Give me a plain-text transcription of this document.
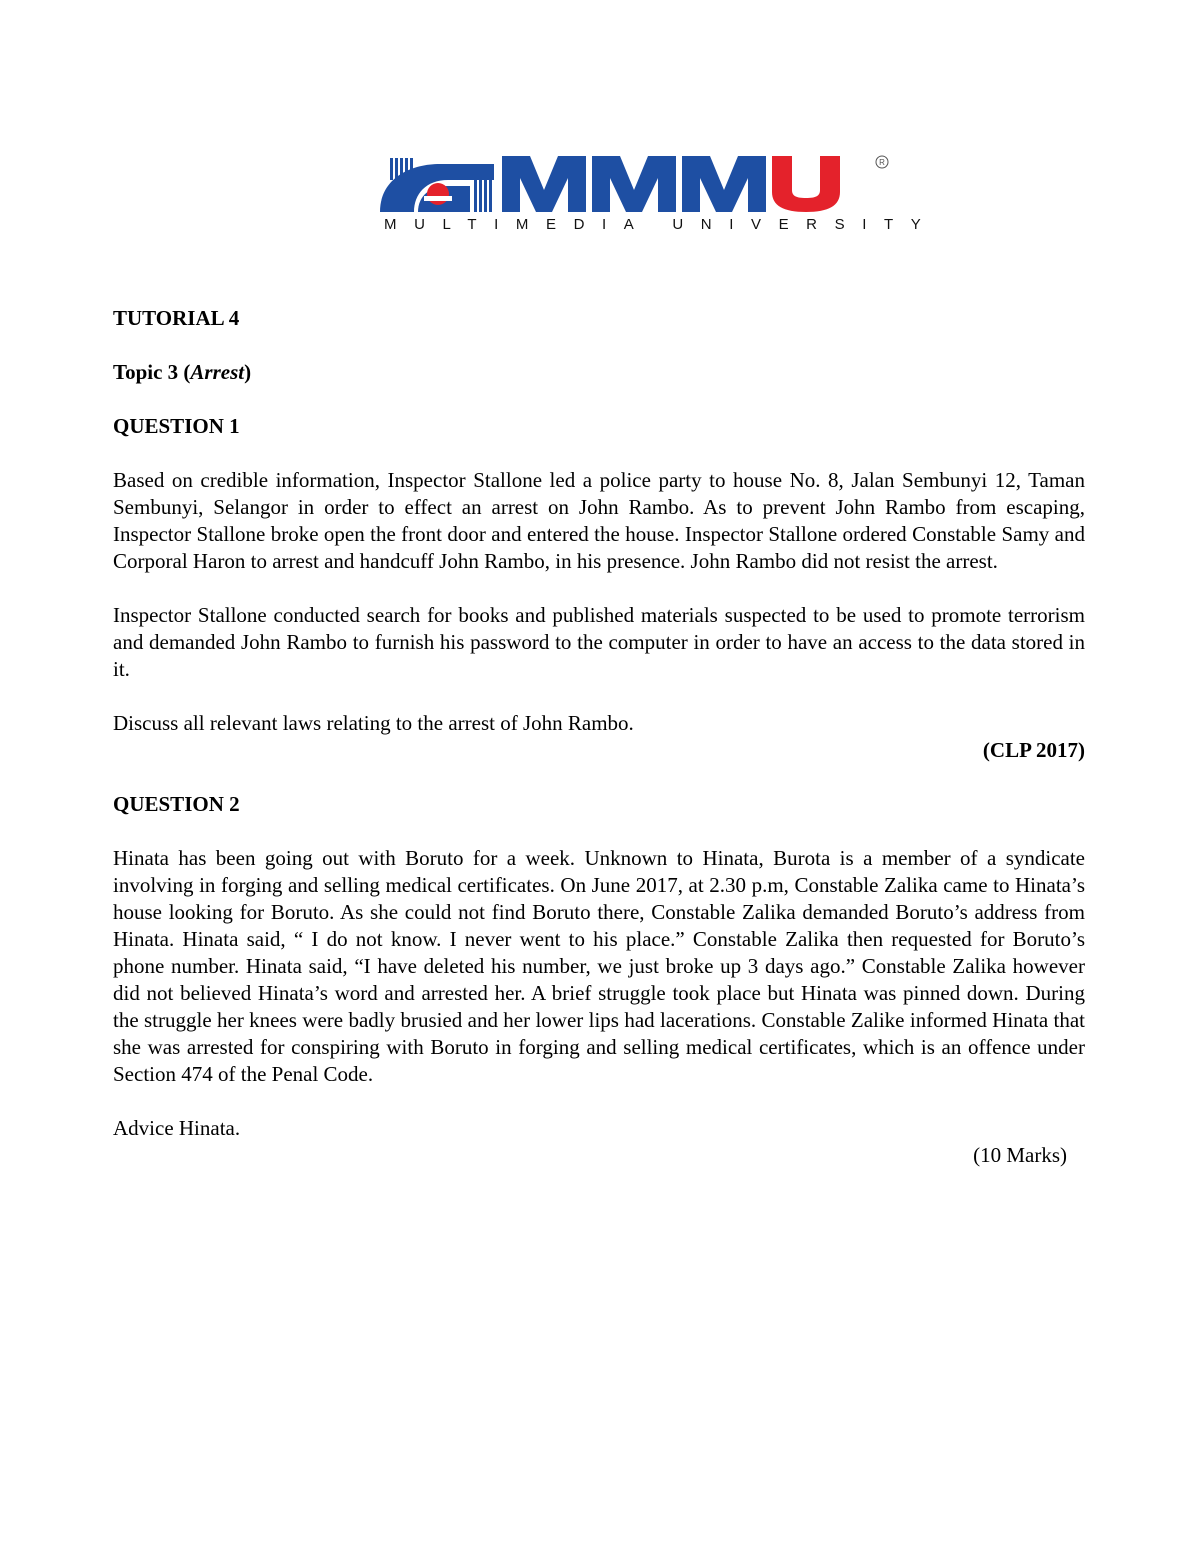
R
MULTIMEDIA UNIVERSITY

TUTORIAL 4

Topic 3 (Arrest)

QUESTION 1

Based on credible information, Inspector Stallone led a police party to house No. 8, Jalan Sembunyi 12, Taman Sembunyi, Selangor in order to effect an arrest on John Rambo. As to prevent John Rambo from escaping, Inspector Stallone broke open the front door and entered the house. Inspector Stallone ordered Constable Samy and Corporal Haron to arrest and handcuff John Rambo, in his presence. John Rambo did not resist the arrest.

Inspector Stallone conducted search for books and published materials suspected to be used to promote terrorism and demanded John Rambo to furnish his password to the computer in order to have an access to the data stored in it.

Discuss all relevant laws relating to the arrest of John Rambo.

(CLP 2017)

QUESTION 2

Hinata has been going out with Boruto for a week. Unknown to Hinata, Burota is a member of a syndicate involving in forging and selling medical certificates. On June 2017, at 2.30 p.m, Constable Zalika came to Hinata’s house looking for Boruto. As she could not find Boruto there, Constable Zalika demanded Boruto’s address from Hinata. Hinata said, “ I do not know. I never went to his place.” Constable Zalika then requested for Boruto’s phone number. Hinata said, “I have deleted his number, we just broke up 3 days ago.” Constable Zalika however did not believed Hinata’s word and arrested her. A brief struggle took place but Hinata was pinned down. During the struggle her knees were badly brusied and her lower lips had lacerations. Constable Zalike informed Hinata that she was arrested for conspiring with Boruto in forging and selling medical certificates, which is an offence under Section 474 of the Penal Code.

Advice Hinata.

(10 Marks)
